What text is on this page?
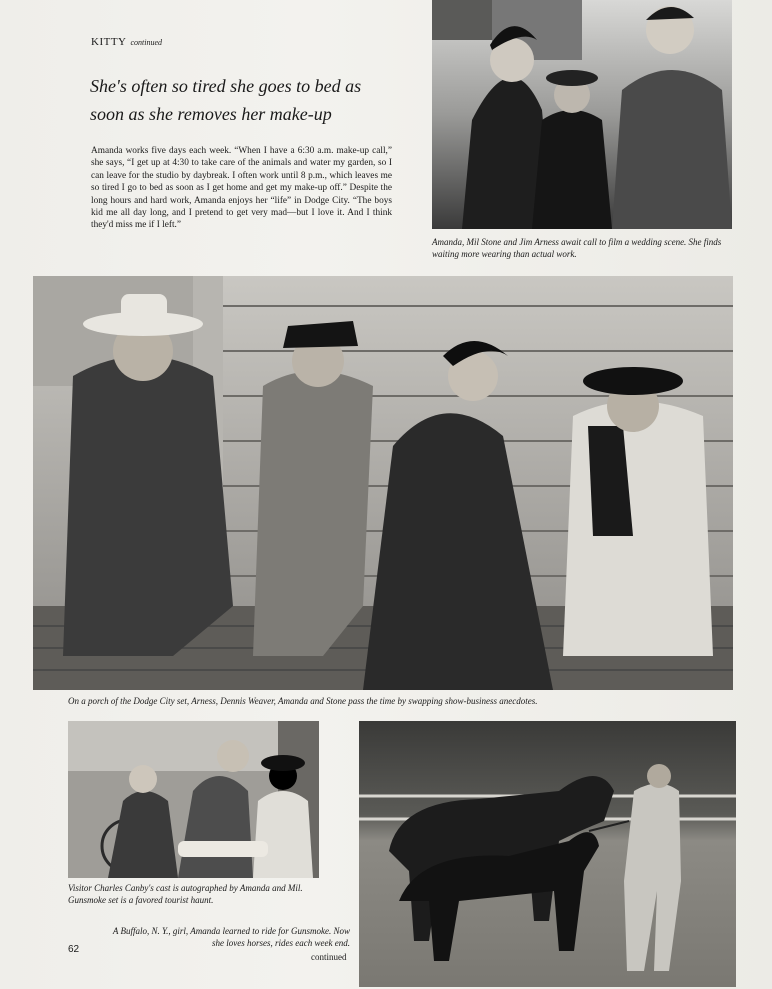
KITTY continued
She's often so tired she goes to bed as
soon as she removes her make-up

Amanda works five days each week. “When I have a 6:30 a.m. make-up call,” she says, “I get up at 4:30 to take care of the animals and water my garden, so I can leave for the studio by daybreak. I often work until 8 p.m., which leaves me so tired I go to bed as soon as I get home and get my make-up off.” Despite the long hours and hard work, Amanda enjoys her “life” in Dodge City. “The boys kid me all day long, and I pretend to get very mad—but I love it. And I think they'd miss me if I left.”

Amanda, Mil Stone and Jim Arness await call to film a wedding scene. She finds waiting more wearing than actual work.

On a porch of the Dodge City set, Arness, Dennis Weaver, Amanda and Stone pass the time by swapping show-business anecdotes.

Visitor Charles Canby's cast is autographed by Amanda and Mil. Gunsmoke set is a favored tourist haunt.

A Buffalo, N. Y., girl, Amanda learned to ride for Gunsmoke. Now she loves horses, rides each week end.

62
continued
